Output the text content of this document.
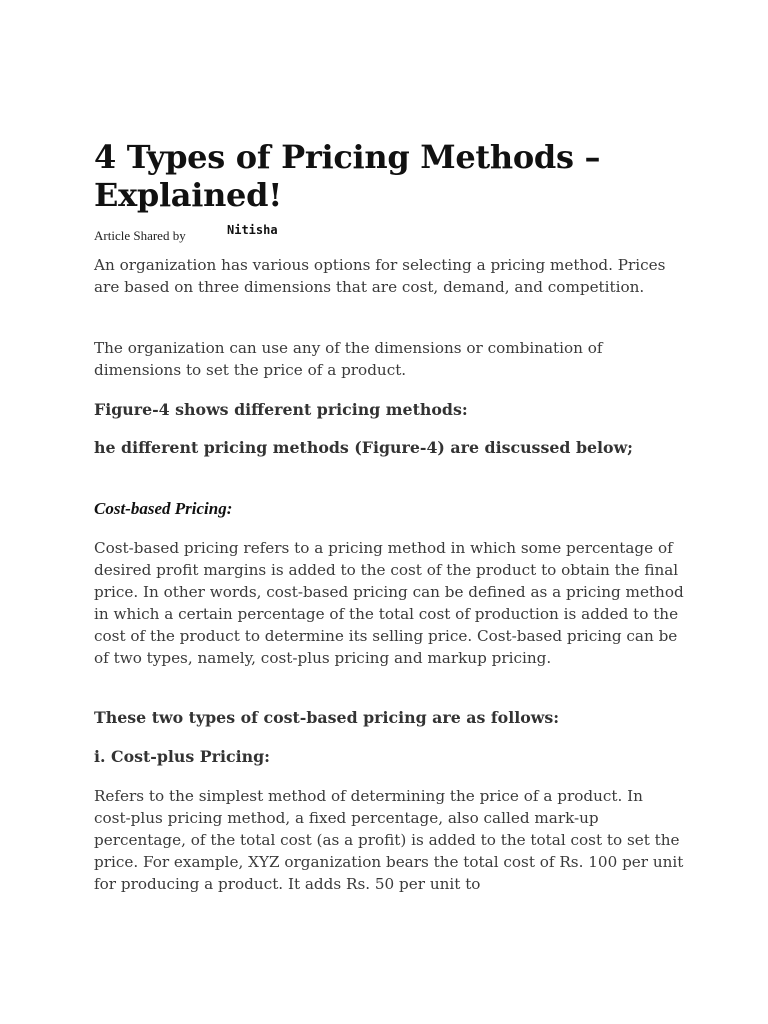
4 Types of Pricing Methods – Explained!
Article Shared by	Nitisha

An organization has various options for selecting a pricing method. Prices are based on three dimensions that are cost, demand, and competition.

The organization can use any of the dimensions or combination of dimensions to set the price of a product.

Figure-4 shows different pricing methods:
he different pricing methods (Figure-4) are discussed below;
Cost-based Pricing:

Cost-based pricing refers to a pricing method in which some percentage of desired profit margins is added to the cost of the product to obtain the final price. In other words, cost-based pricing can be defined as a pricing method in which a certain percentage of the total cost of production is added to the cost of the product to determine its selling price. Cost-based pricing can be of two types, namely, cost-plus pricing and markup pricing.

These two types of cost-based pricing are as follows:
i. Cost-plus Pricing:

Refers to the simplest method of determining the price of a product. In cost-plus pricing method, a fixed percentage, also called mark-up percentage, of the total cost (as a profit) is added to the total cost to set the price. For example, XYZ organization bears the total cost of Rs. 100 per unit for producing a product. It adds Rs. 50 per unit to
